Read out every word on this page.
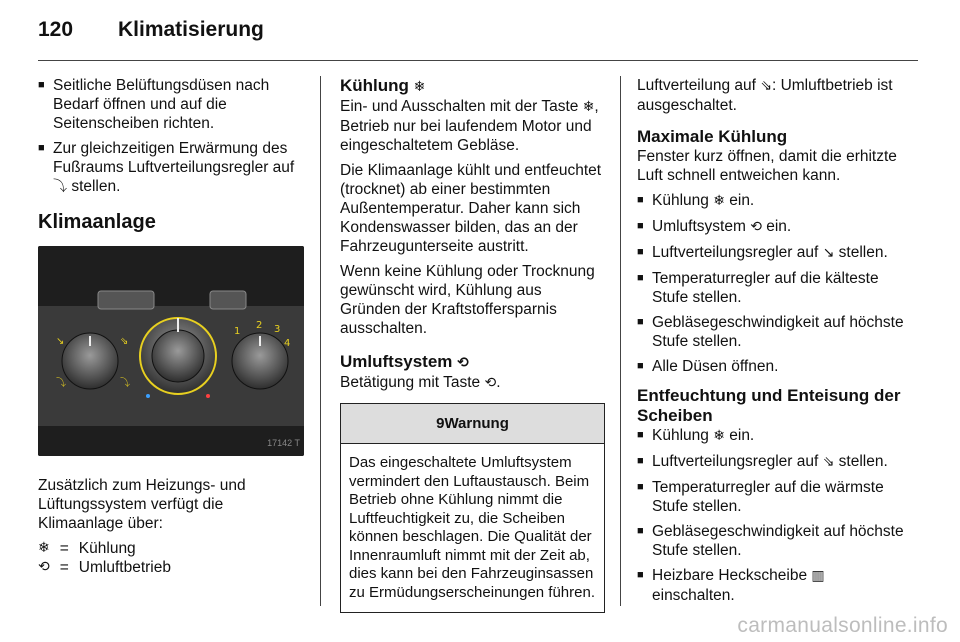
120 Klimatisierung
■ Seitliche Belüftungsdüsen nach Bedarf öffnen und auf die Seitenscheiben richten.
■ Zur gleichzeitigen Erwärmung des Fußraums Luftverteilungsregler auf
⤵ stellen.
Klimaanlage
↘	⇘
⤵	⤵
1
2 3
4
17142 T

Zusätzlich zum Heizungs- und Lüftungssystem verfügt die Klimaanlage über:

❄	=	Kühlung
⟲	=	Umluftbetrieb
Kühlung ❄

Ein- und Ausschalten mit der Taste ❄, Betrieb nur bei laufendem Motor und eingeschaltetem Gebläse.

Die Klimaanlage kühlt und entfeuchtet (trocknet) ab einer bestimmten Außentemperatur. Daher kann sich Kondenswasser bilden, das an der Fahrzeugunterseite austritt.

Wenn keine Kühlung oder Trocknung gewünscht wird, Kühlung aus Gründen der Kraftstoffersparnis ausschalten.

Umluftsystem ⟲

Betätigung mit Taste ⟲.

9Warnung
Das eingeschaltete Umluftsystem vermindert den Luftaustausch. Beim Betrieb ohne Kühlung nimmt die Luftfeuchtigkeit zu, die Scheiben können beschlagen. Die Qualität der Innenraumluft nimmt mit der Zeit ab, dies kann bei den Fahrzeuginsassen zu Ermüdungserscheinungen führen.

Luftverteilung auf ⇘: Umluftbetrieb ist ausgeschaltet.

Maximale Kühlung

Fenster kurz öffnen, damit die erhitzte Luft schnell entweichen kann.

■ Kühlung ❄ ein.
■ Umluftsystem ⟲ ein.
■ Luftverteilungsregler auf ↘ stellen.
■ Temperaturregler auf die kälteste Stufe stellen.
■ Gebläsegeschwindigkeit auf höchste Stufe stellen.
■ Alle Düsen öffnen.
Entfeuchtung und Enteisung der Scheiben
■ Kühlung ❄ ein.
■ Luftverteilungsregler auf ⇘ stellen.
■ Temperaturregler auf die wärmste Stufe stellen.
■ Gebläsegeschwindigkeit auf höchste Stufe stellen.
■ Heizbare Heckscheibe ▥ einschalten.
carmanualsonline.info
